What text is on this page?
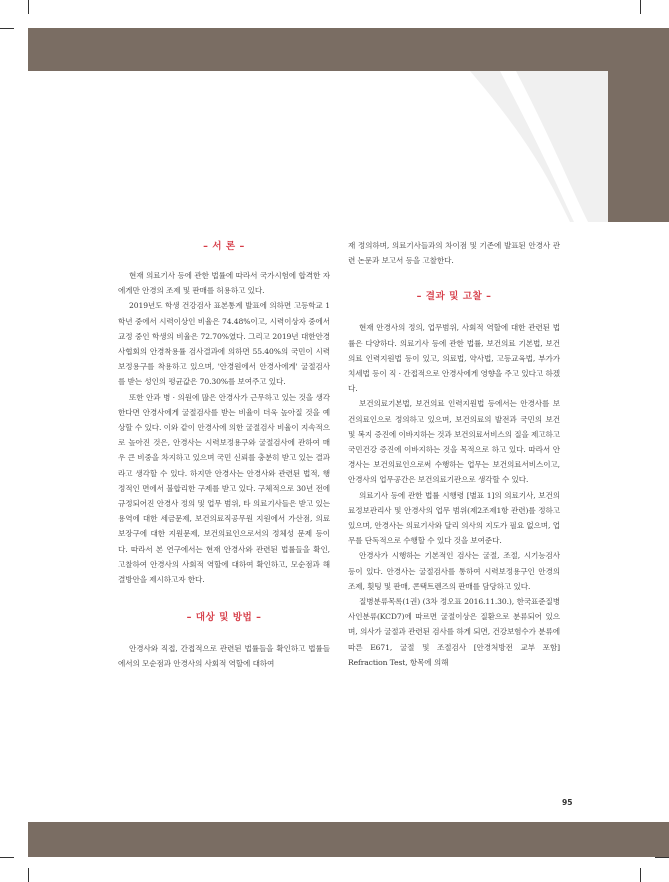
– 서 론 –

현재 의료기사 등에 관한 법률에 따라서 국가시험에 합격한 자에게만 안경의 조제 및 판매를 허용하고 있다.

2019년도 학생 건강검사 표본통계 발표에 의하면 고등학교 1학년 중에서 시력이상인 비율은 74.48%이고, 시력이상자 중에서 교정 중인 학생의 비율은 72.70%였다. 그리고 2019년 대한안경사협회의 안경착용률 검사결과에 의하면 55.40%의 국민이 시력보정용구를 착용하고 있으며, '안경원에서 안경사에게' 굴절검사를 받는 성인의 평균값은 70.30%를 보여주고 있다.

또한 안과 병 · 의원에 많은 안경사가 근무하고 있는 것을 생각한다면 안경사에게 굴절검사를 받는 비율이 더욱 높아질 것을 예상할 수 있다. 이와 같이 안경사에 의한 굴절검사 비율이 지속적으로 높아진 것은, 안경사는 시력보정용구와 굴절검사에 관하여 매우 큰 비중을 차지하고 있으며 국민 신뢰를 충분히 받고 있는 결과라고 생각할 수 있다. 하지만 안경사는 안경사와 관련된 법적, 행정적인 면에서 불합리한 구제를 받고 있다. 구체적으로 30년 전에 규정되어진 안경사 정의 및 업무 범위, 타 의료기사들은 받고 있는 용역에 대한 세금문제, 보건의료직공무원 지원에서 가산점, 의료보장구에 대한 지원문제, 보건의료인으로서의 정체성 문제 등이다. 따라서 본 연구에서는 현재 안경사와 관련된 법률들을 확인, 고찰하여 안경사의 사회적 역할에 대하여 확인하고, 모순점과 해결방안을 제시하고자 한다.

– 대상 및 방법 –

안경사와 직접, 간접적으로 관련된 법률들을 확인하고 법률들에서의 모순점과 안경사의 사회적 역할에 대하여

재 정의하며, 의료기사들과의 차이점 및 기존에 발표된 안경사 관련 논문과 보고서 등을 고찰한다.

– 결과 및 고찰 –

현재 안경사의 정의, 업무범위, 사회적 역할에 대한 관련된 법률은 다양하다. 의료기사 등에 관한 법률, 보건의료 기본법, 보건의료 인력지원법 등이 있고, 의료법, 약사법, 고등교육법, 부가가치세법 등이 직 · 간접적으로 안경사에게 영향을 주고 있다고 하겠다.

보건의료기본법, 보건의료 인력지원법 등에서는 안경사를 보건의료인으로 정의하고 있으며, 보건의료의 발전과 국민의 보건 및 복지 증진에 이바지하는 것과 보건의료서비스의 질을 제고하고 국민건강 증진에 이바지하는 것을 목적으로 하고 있다. 따라서 안경사는 보건의료인으로써 수행하는 업무는 보건의료서비스이고, 안경사의 업무공간은 보건의료기관으로 생각할 수 있다.

의료기사 등에 관한 법률 시행령 [별표 1]의 의료기사, 보건의료정보관리사 및 안경사의 업무 범위(제2조제1항 관련)를 정하고 있으며, 안경사는 의료기사와 달리 의사의 지도가 필요 없으며, 업무를 단독적으로 수행할 수 있다 것을 보여준다.

안경사가 시행하는 기본적인 검사는 굴절, 조절, 시기능검사 등이 있다. 안경사는 굴절검사를 통하여 시력보정용구인 안경의 조제, 횟팅 및 판매, 콘택트렌즈의 판매를 담당하고 있다.

질병분류목록(1권) (3차 정오표 2016.11.30.), 한국표준질병사인분류(KCD7)에 따르면 굴절이상은 질환으로 분류되어 있으며, 의사가 굴절과 관련된 검사를 하게 되면, 건강보험수가 분류에 따른 E671, 굴절 및 조절검사 [안경처방전 교부 포함] Refraction Test, 항목에 의해

95
